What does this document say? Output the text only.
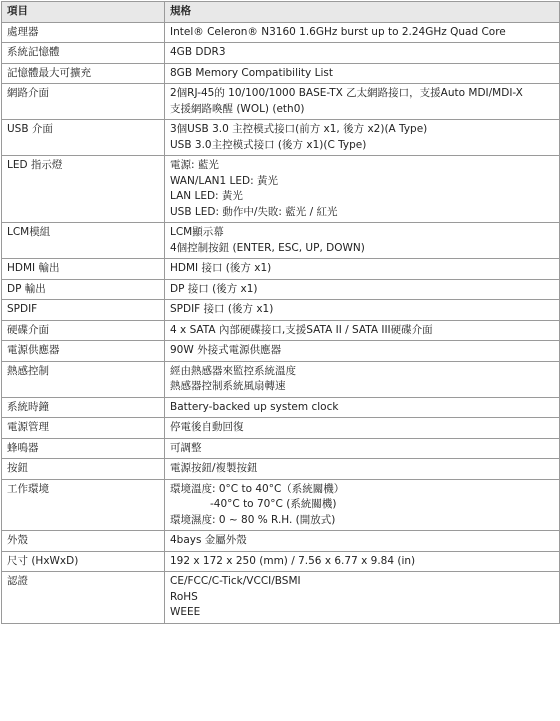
項目	規格
處理器	Intel® Celeron® N3160 1.6GHz burst up to 2.24GHz Quad Core

系統記憶體	4GB DDR3

記憶體最大可擴充	8GB Memory Compatibility List

網路介面	2個RJ-45的 10/100/1000 BASE-TX 乙太網路接口，支援Auto MDI/MDI-X
支援網路喚醒 (WOL) (eth0)

USB 介面	3個USB 3.0 主控模式接口(前方 x1, 後方 x2)(A Type)
USB 3.0主控模式接口 (後方 x1)(C Type)

LED 指示燈	電源: 藍光
WAN/LAN1 LED: 黃光
LAN LED: 黃光
USB LED: 動作中/失敗: 藍光 / 紅光

LCM模組	LCM顯示幕
4個控制按鈕 (ENTER, ESC, UP, DOWN)

HDMI 輸出	HDMI 接口 (後方 x1)

DP 輸出	DP 接口 (後方 x1)

SPDIF	SPDIF 接口 (後方 x1)

硬碟介面	4 x SATA 內部硬碟接口,支援SATA II / SATA III硬碟介面

電源供應器	90W 外接式電源供應器

熱感控制	經由熱感器來監控系統溫度
熱感器控制系統風扇轉速

系統時鐘	Battery-backed up system clock

電源管理	停電後自動回復

蜂鳴器	可調整

按鈕	電源按鈕/複製按鈕

工作環境	環境溫度: 0°C to 40°C（系統關機）
-40°C to 70°C (系統關機)
環境濕度: 0 ~ 80 % R.H. (開放式)

外殼	4bays 金屬外殼

尺寸 (HxWxD)	192 x 172 x 250 (mm) / 7.56 x 6.77 x 9.84 (in)

認證	CE/FCC/C-Tick/VCCI/BSMI
RoHS
WEEE
